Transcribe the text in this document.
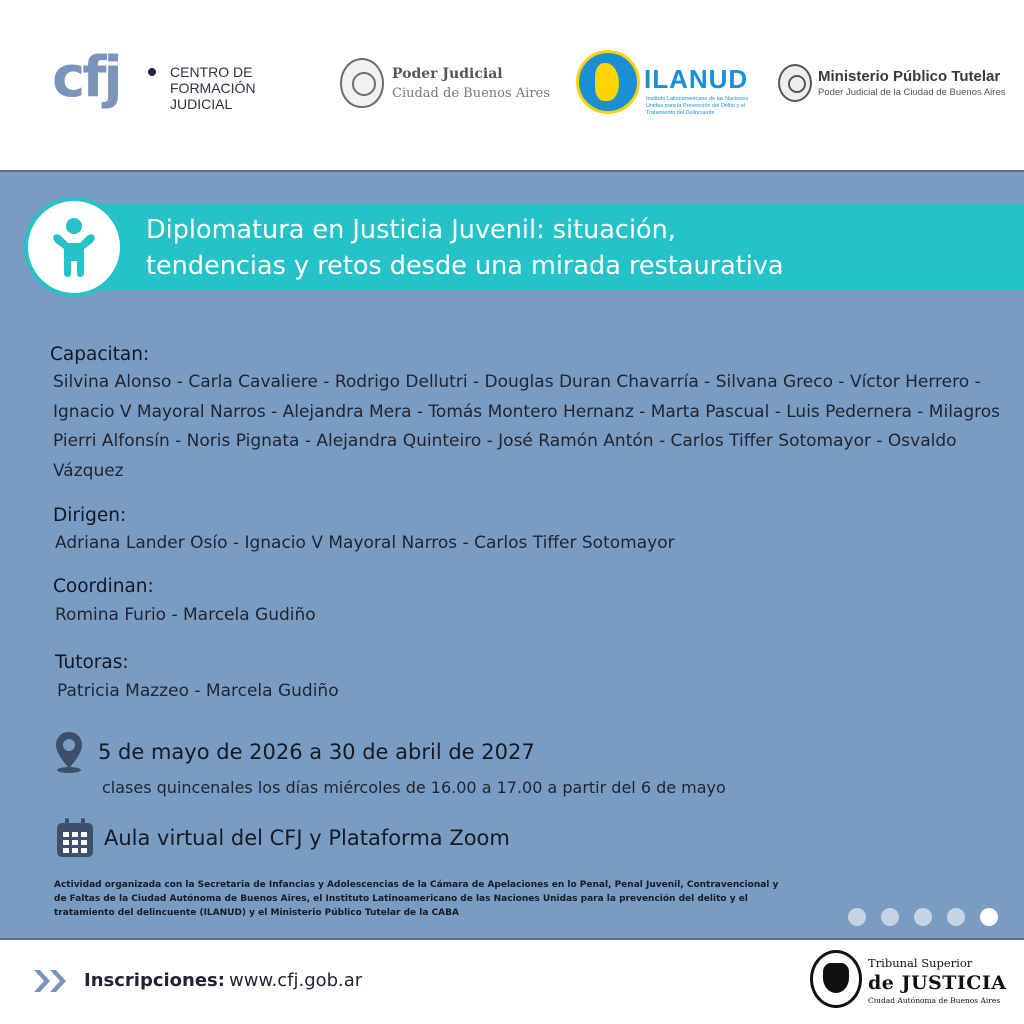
cfj	CENTRO DE
FORMACIÓN
JUDICIAL
Poder Judicial
Ciudad de Buenos Aires	ILANUD
Instituto Latinoamericano de las Naciones Unidas para la Prevención del Delito y el Tratamiento del Delincuente
Ministerio Público Tutelar
Poder Judicial de la Ciudad de Buenos Aires
Diplomatura en Justicia Juvenil: situación,
tendencias y retos desde una mirada restaurativa
Capacitan:
Silvina Alonso - Carla Cavaliere - Rodrigo Dellutri - Douglas Duran Chavarría - Silvana Greco - Víctor Herrero - Ignacio V Mayoral Narros - Alejandra Mera - Tomás Montero Hernanz - Marta Pascual - Luis Pedernera - Milagros Pierri Alfonsín - Noris Pignata - Alejandra Quinteiro - José Ramón Antón - Carlos Tiffer Sotomayor - Osvaldo Vázquez
Dirigen:
Adriana Lander Osío - Ignacio V Mayoral Narros - Carlos Tiffer Sotomayor
Coordinan:
Romina Furio - Marcela Gudiño
Tutoras:
Patricia Mazzeo - Marcela Gudiño
5 de mayo de 2026 a 30 de abril de 2027
clases quincenales los días miércoles de 16.00 a 17.00 a partir del 6 de mayo
Aula virtual del CFJ y Plataforma Zoom
Actividad organizada con la Secretaria de Infancias y Adolescencias de la Cámara de Apelaciones en lo Penal, Penal Juvenil, Contravencional y de Faltas de la Ciudad Autónoma de Buenos Aires, el Instituto Latinoamericano de las Naciones Unidas para la prevención del delito y el tratamiento del delincuente (ILANUD) y el Ministerio Público Tutelar de la CABA
Inscripciones: www.cfj.gob.ar
Tribunal Superior
de JUSTICIA
Ciudad Autónoma de Buenos Aires
